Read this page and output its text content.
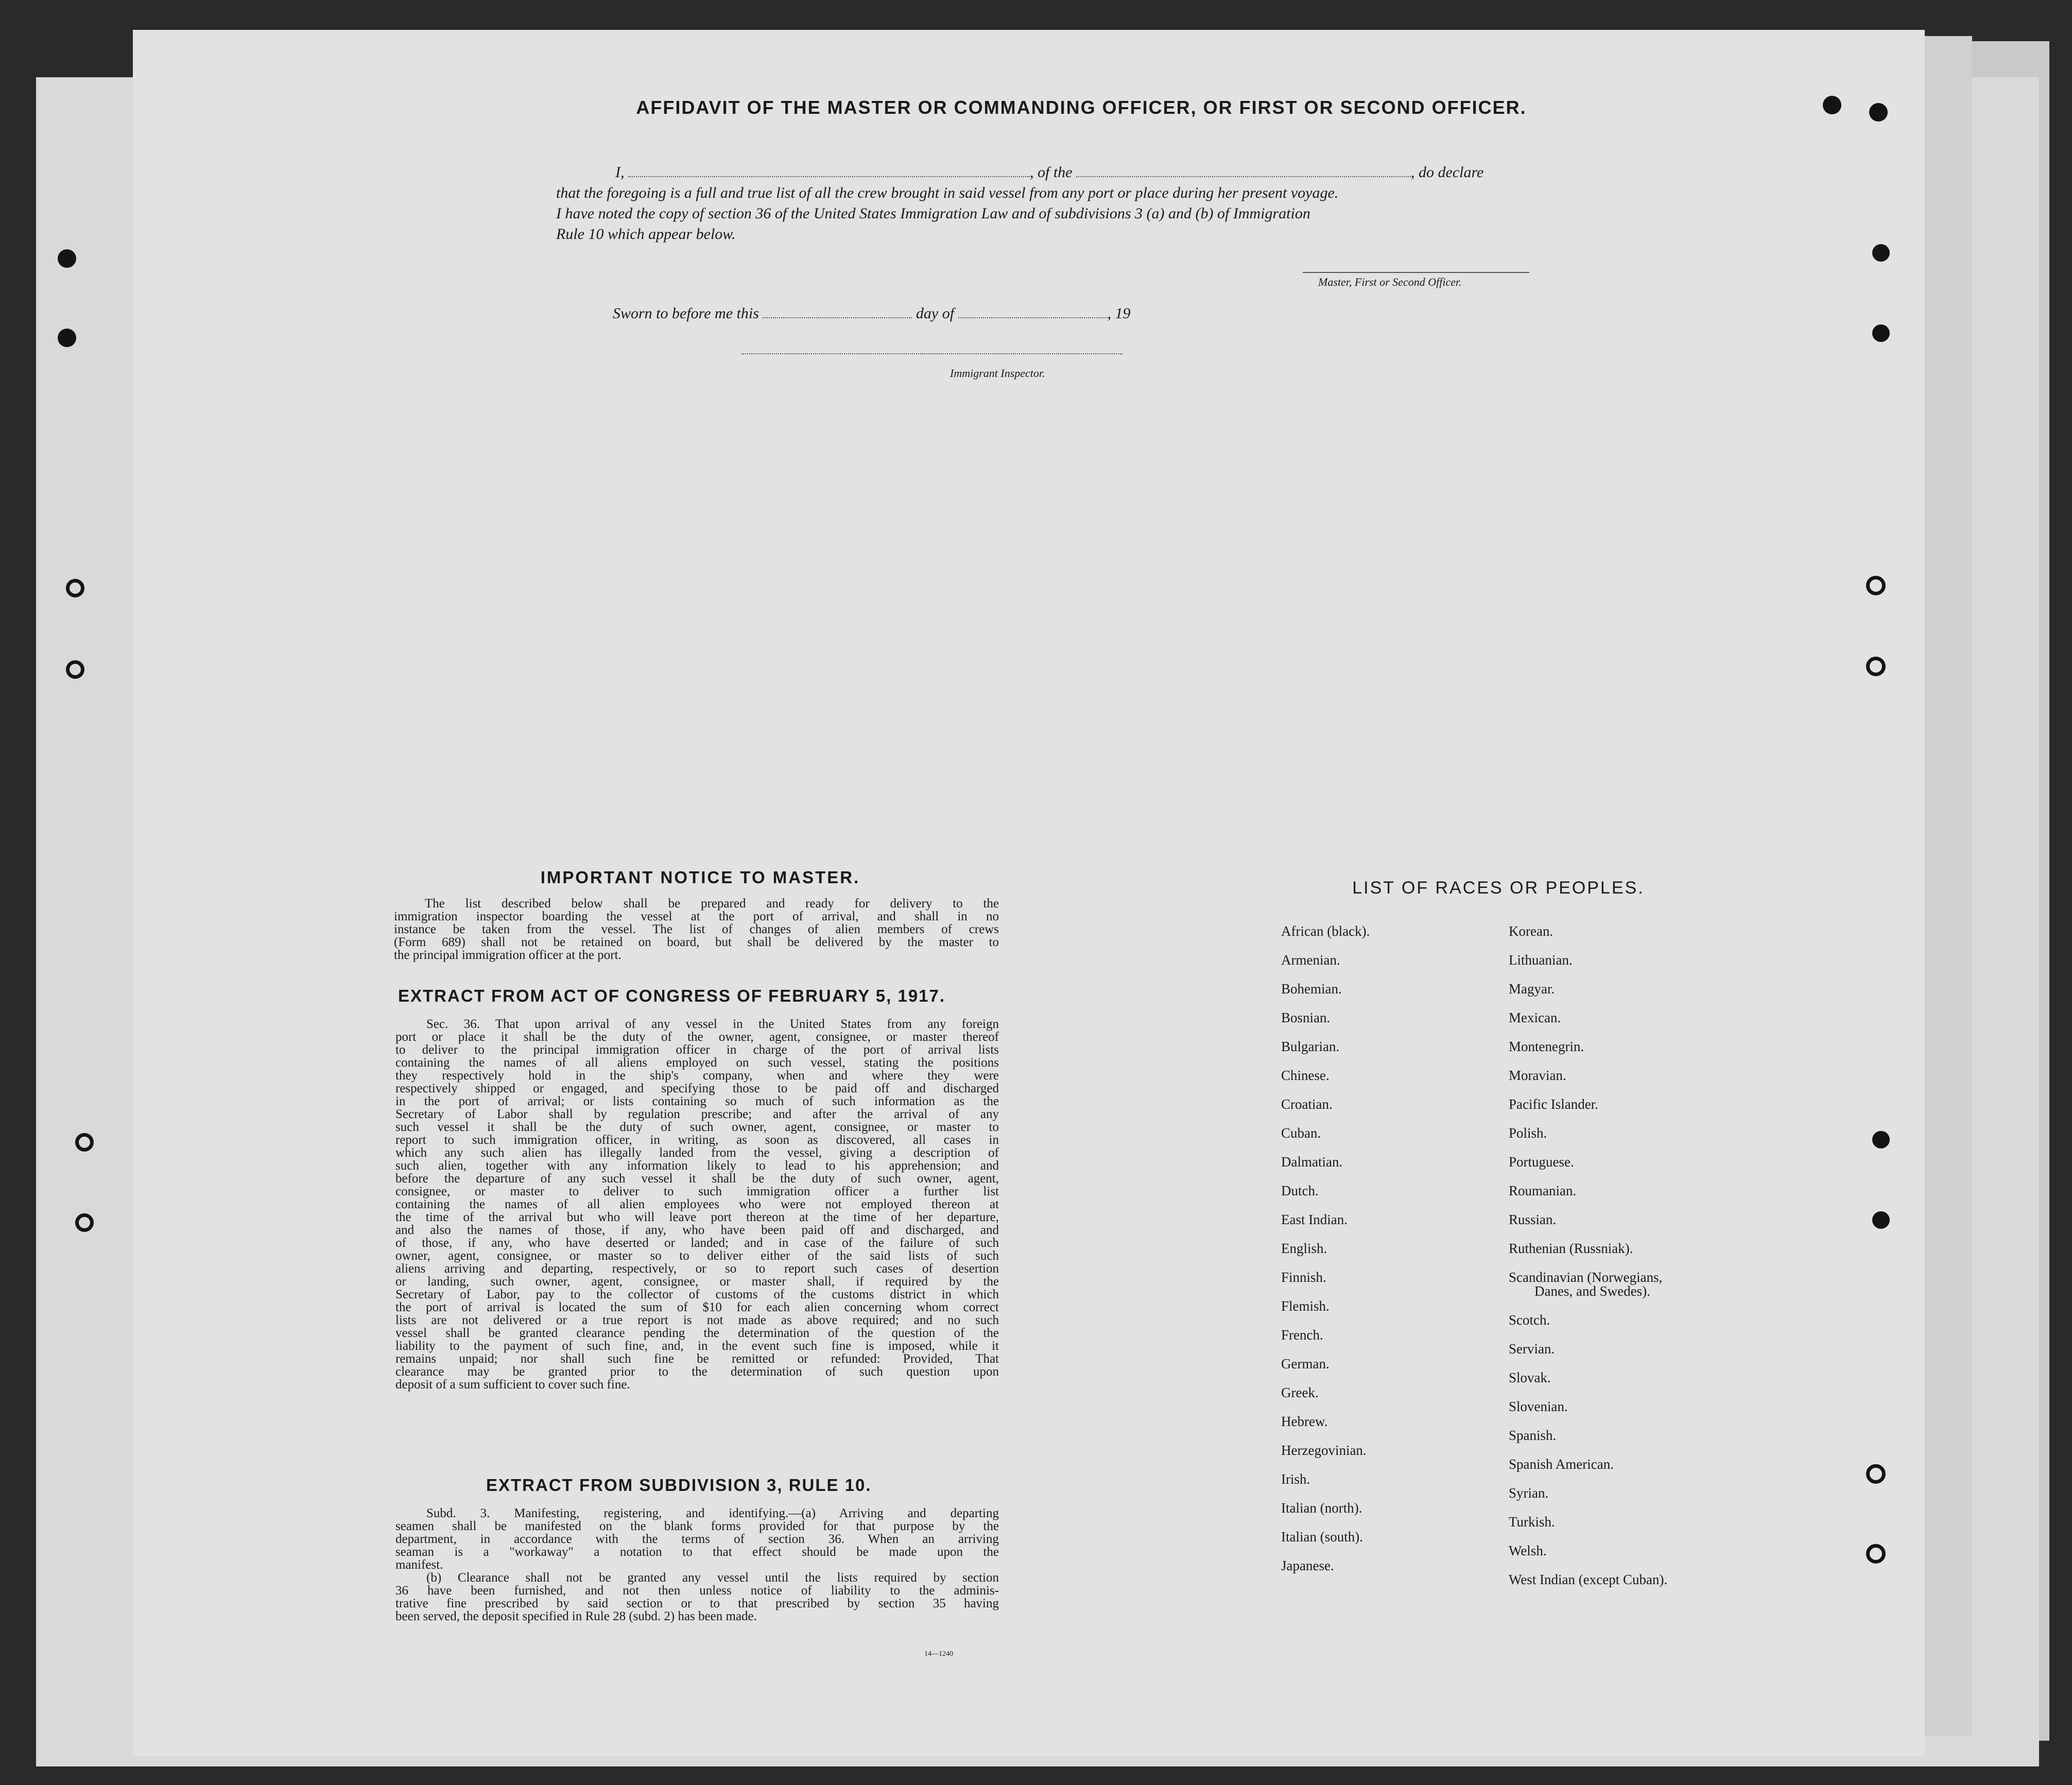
AFFIDAVIT OF THE MASTER OR COMMANDING OFFICER, OR FIRST OR SECOND OFFICER.
I,	, of the	, do declare
that the foregoing is a full and true list of all the crew brought in said vessel from any port or place during her present voyage.
I have noted the copy of section 36 of the United States Immigration Law and of subdivisions 3 (a) and (b) of Immigration
Rule 10 which appear below.
Master, First or Second Officer.
Sworn to before me this	day of	, 19
Immigrant Inspector.
IMPORTANT NOTICE TO MASTER.
The list described below shall be prepared and ready for delivery to the
immigration inspector boarding the vessel at the port of arrival, and shall in no
instance be taken from the vessel. The list of changes of alien members of crews
(Form 689) shall not be retained on board, but shall be delivered by the master to
the principal immigration officer at the port.
EXTRACT FROM ACT OF CONGRESS OF FEBRUARY 5, 1917.
Sec. 36. That upon arrival of any vessel in the United States from any foreign
port or place it shall be the duty of the owner, agent, consignee, or master thereof
to deliver to the principal immigration officer in charge of the port of arrival lists
containing the names of all aliens employed on such vessel, stating the positions
they respectively hold in the ship's company, when and where they were
respectively shipped or engaged, and specifying those to be paid off and discharged
in the port of arrival; or lists containing so much of such information as the
Secretary of Labor shall by regulation prescribe; and after the arrival of any
such vessel it shall be the duty of such owner, agent, consignee, or master to
report to such immigration officer, in writing, as soon as discovered, all cases in
which any such alien has illegally landed from the vessel, giving a description of
such alien, together with any information likely to lead to his apprehension; and
before the departure of any such vessel it shall be the duty of such owner, agent,
consignee, or master to deliver to such immigration officer a further list
containing the names of all alien employees who were not employed thereon at
the time of the arrival but who will leave port thereon at the time of her departure,
and also the names of those, if any, who have been paid off and discharged, and
of those, if any, who have deserted or landed; and in case of the failure of such
owner, agent, consignee, or master so to deliver either of the said lists of such
aliens arriving and departing, respectively, or so to report such cases of desertion
or landing, such owner, agent, consignee, or master shall, if required by the
Secretary of Labor, pay to the collector of customs of the customs district in which
the port of arrival is located the sum of $10 for each alien concerning whom correct
lists are not delivered or a true report is not made as above required; and no such
vessel shall be granted clearance pending the determination of the question of the
liability to the payment of such fine, and, in the event such fine is imposed, while it
remains unpaid; nor shall such fine be remitted or refunded: Provided, That
clearance may be granted prior to the determination of such question upon
deposit of a sum sufficient to cover such fine.
EXTRACT FROM SUBDIVISION 3, RULE 10.
Subd. 3. Manifesting, registering, and identifying.—(a) Arriving and departing
seamen shall be manifested on the blank forms provided for that purpose by the
department, in accordance with the terms of section 36. When an arriving
seaman is a "workaway" a notation to that effect should be made upon the
manifest.
(b) Clearance shall not be granted any vessel until the lists required by section
36 have been furnished, and not then unless notice of liability to the adminis-
trative fine prescribed by said section or to that prescribed by section 35 having
been served, the deposit specified in Rule 28 (subd. 2) has been made.
14—1240
LIST OF RACES OR PEOPLES.
African (black).
Armenian.
Bohemian.
Bosnian.
Bulgarian.
Chinese.
Croatian.
Cuban.
Dalmatian.
Dutch.
East Indian.
English.
Finnish.
Flemish.
French.
German.
Greek.
Hebrew.
Herzegovinian.
Irish.
Italian (north).
Italian (south).
Japanese.
Korean.
Lithuanian.
Magyar.
Mexican.
Montenegrin.
Moravian.
Pacific Islander.
Polish.
Portuguese.
Roumanian.
Russian.
Ruthenian (Russniak).
Scandinavian (Norwegians,
Danes, and Swedes).
Scotch.
Servian.
Slovak.
Slovenian.
Spanish.
Spanish American.
Syrian.
Turkish.
Welsh.
West Indian (except Cuban).
